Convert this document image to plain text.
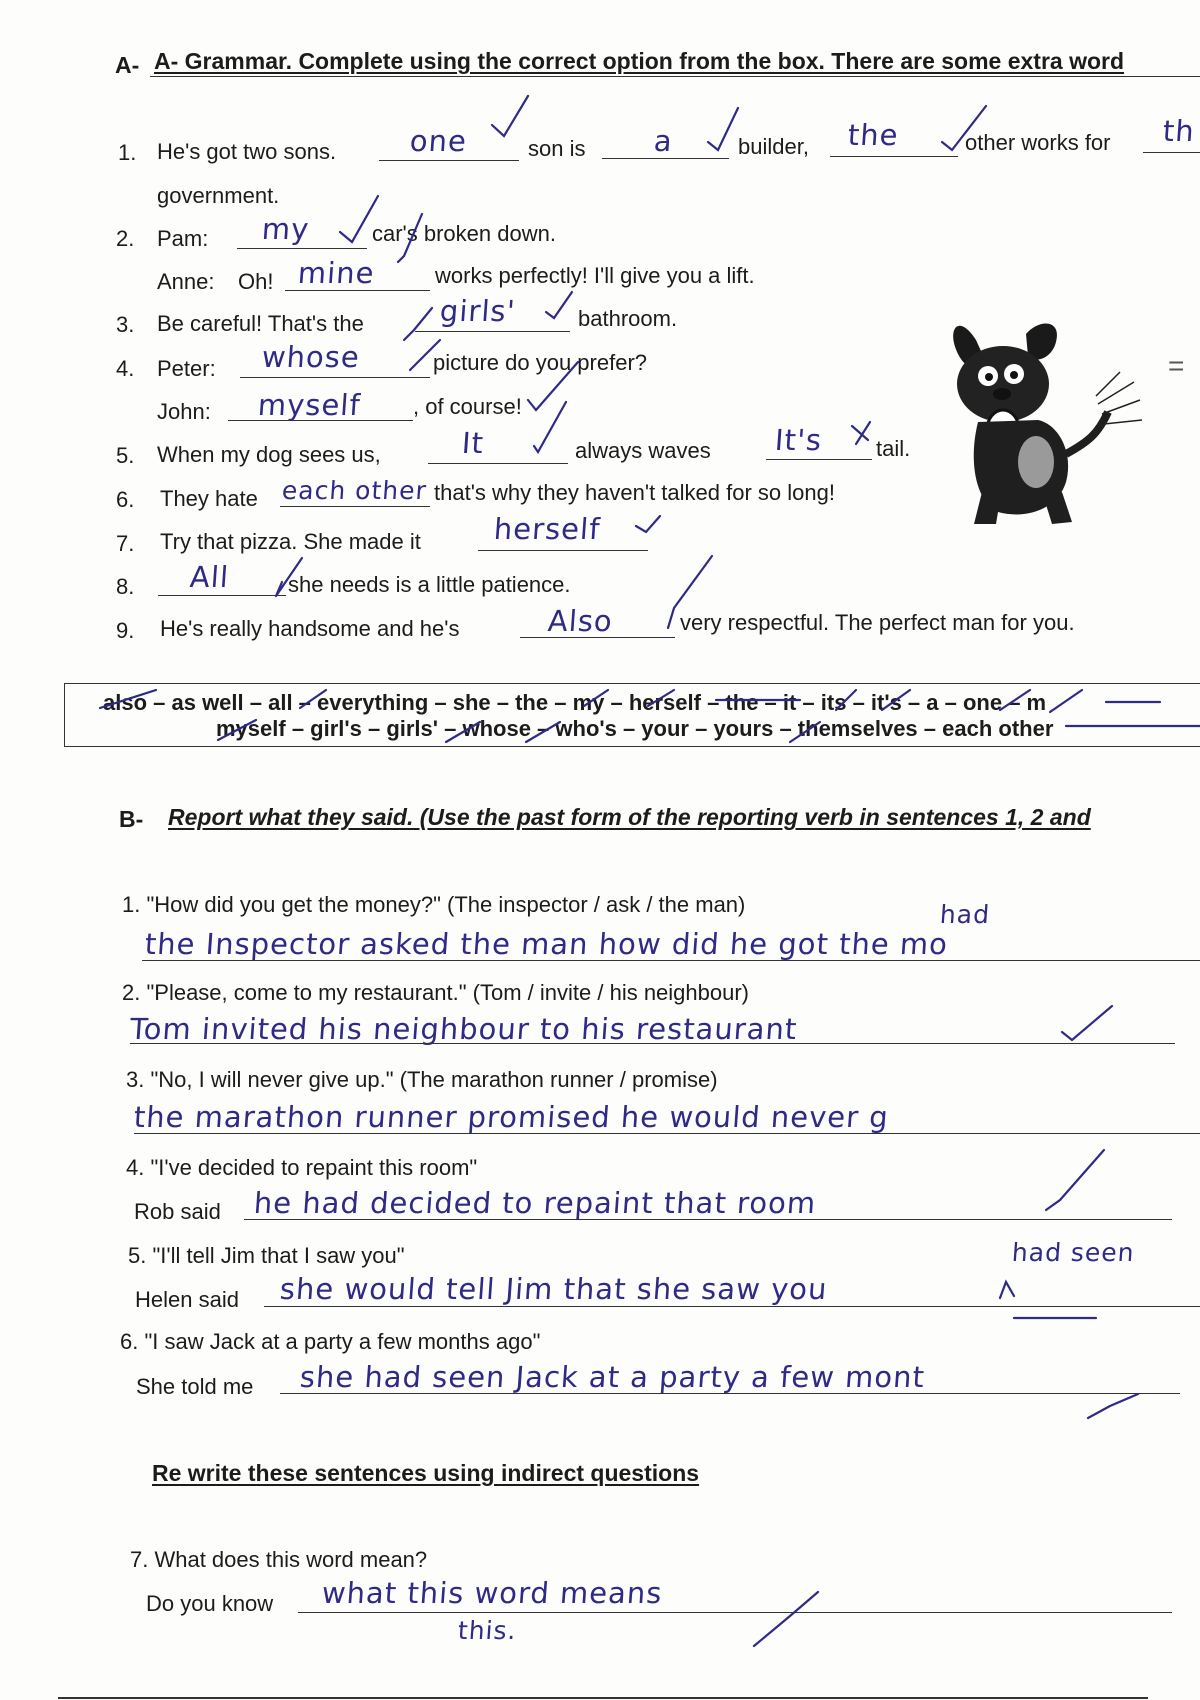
A- A- Grammar. Complete using the correct option from the box. There are some extra word
1. He's got two sons.	one	son is a	builder, the	other works for th
government.
2. Pam: my	car's broken down.
Anne: Oh! mine	works perfectly! I'll give you a lift.
3. Be careful! That's the	girls'	bathroom.
4. Peter: whose	picture do you prefer?
John: myself , of course!
5. When my dog sees us,	It	always waves It's tail.
6. They hate each other that's why they haven't talked for so long!
7. Try that pizza. She made it herself
8. All	she needs is a little patience.
9. He's really handsome and he's	Also	very respectful. The perfect man for you.
also – as well – all – everything – she – the – my – herself – the – it – its – it's – a – one – m
myself – girl's – girls' – whose – who's – your – yours – themselves – each other
=
B- Report what they said. (Use the past form of the reporting verb in sentences 1, 2 and
1. "How did you get the money?" (The inspector / ask / the man)	had
the Inspector asked the man how did he got the mo
2. "Please, come to my restaurant." (Tom / invite / his neighbour)
Tom invited his neighbour to his restaurant
3. "No, I will never give up." (The marathon runner / promise)
the marathon runner promised he would never g
4. "I've decided to repaint this room"
Rob said he had decided to repaint that room
5. "I'll tell Jim that I saw you"	had seen
Helen said she would tell Jim that she saw you
6. "I saw Jack at a party a few months ago"
She told me she had seen Jack at a party a few mont
Re write these sentences using indirect questions
7. What does this word mean?
Do you know what this word means
this.
